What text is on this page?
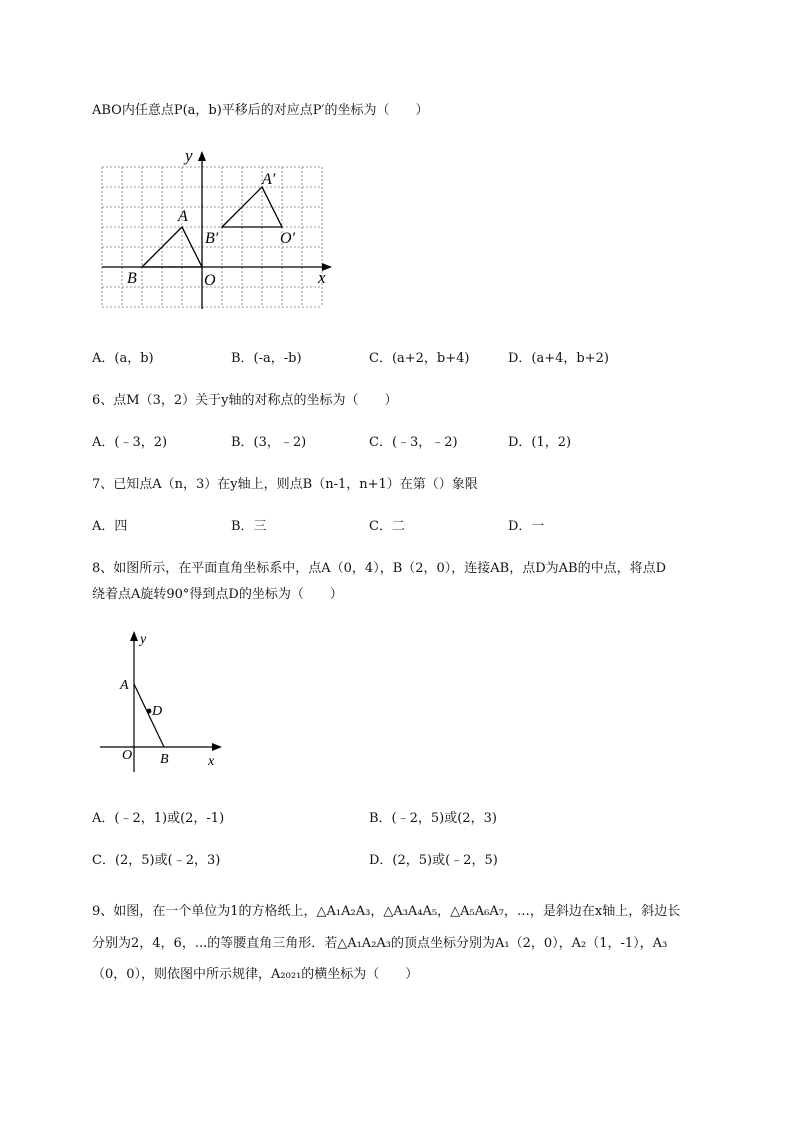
ABO内任意点P(a，b)平移后的对应点P′的坐标为（　　）
y
x
A
B	O
A′
B′	O′
A．(a，b)	B．(-a，-b)	C．(a+2，b+4)	D．(a+4，b+2)
6、点M（3，2）关于y轴的对称点的坐标为（　　）
A．(﹣3，2)	B．(3，﹣2)	C．(﹣3，﹣2)	D．(1，2)
7、已知点A（n，3）在y轴上，则点B（n-1，n+1）在第（）象限
A．四	B．三	C．二	D．一
8、如图所示，在平面直角坐标系中，点A（0，4），B（2，0），连接AB，点D为AB的中点，将点D
绕着点A旋转90°得到点D的坐标为（　　）
y
x
A
D
O B
A．(﹣2，1)或(2，-1)	B．(﹣2，5)或(2，3)
C．(2，5)或(﹣2，3)	D．(2，5)或(﹣2，5)
9、如图，在一个单位为1的方格纸上，△A₁A₂A₃，△A₃A₄A₅，△A₅A₆A₇，…，是斜边在x轴上，斜边长
分别为2，4，6，...的等腰直角三角形．若△A₁A₂A₃的顶点坐标分别为A₁（2，0），A₂（1，-1），A₃
（0，0），则依图中所示规律，A₂₀₂₁的横坐标为（　　）
